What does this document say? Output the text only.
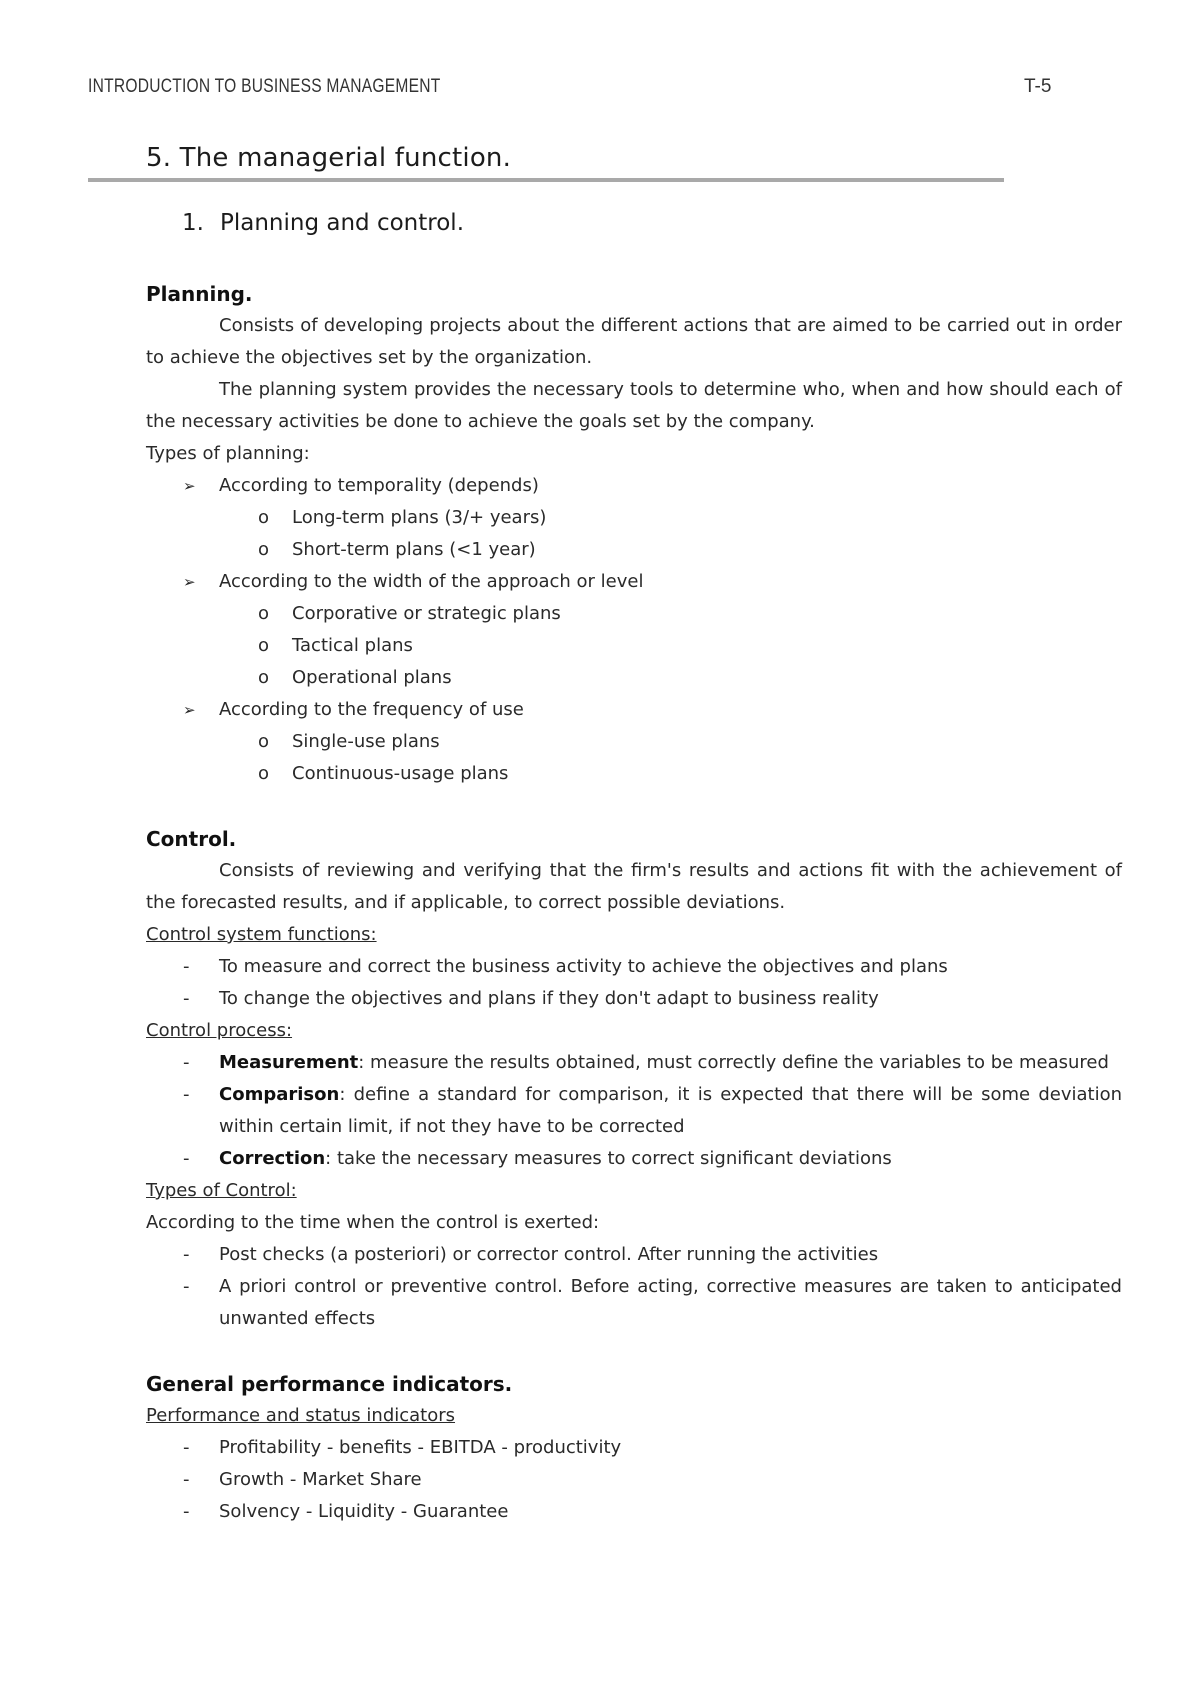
INTRODUCTION TO BUSINESS MANAGEMENT	T-5
5. The managerial function.
1. Planning and control.
Planning.

Consists of developing projects about the different actions that are aimed to be carried out in order to achieve the objectives set by the organization.

The planning system provides the necessary tools to determine who, when and how should each of the necessary activities be done to achieve the goals set by the company.

Types of planning:

➢ According to temporality (depends)

o Long-term plans (3/+ years)

o Short-term plans (<1 year)

➢ According to the width of the approach or level

o Corporative or strategic plans

o Tactical plans

o Operational plans

➢ According to the frequency of use

o Single-use plans

o Continuous-usage plans

Control.

Consists of reviewing and verifying that the firm's results and actions fit with the achievement of the forecasted results, and if applicable, to correct possible deviations.

Control system functions:

- To measure and correct the business activity to achieve the objectives and plans

- To change the objectives and plans if they don't adapt to business reality

Control process:

- Measurement: measure the results obtained, must correctly define the variables to be measured

- Comparison: define a standard for comparison, it is expected that there will be some deviation within certain limit, if not they have to be corrected

- Correction: take the necessary measures to correct significant deviations

Types of Control:

According to the time when the control is exerted:

- Post checks (a posteriori) or corrector control. After running the activities

- A priori control or preventive control. Before acting, corrective measures are taken to anticipated unwanted effects

General performance indicators.

Performance and status indicators

- Profitability - benefits - EBITDA - productivity

- Growth - Market Share

- Solvency - Liquidity - Guarantee
